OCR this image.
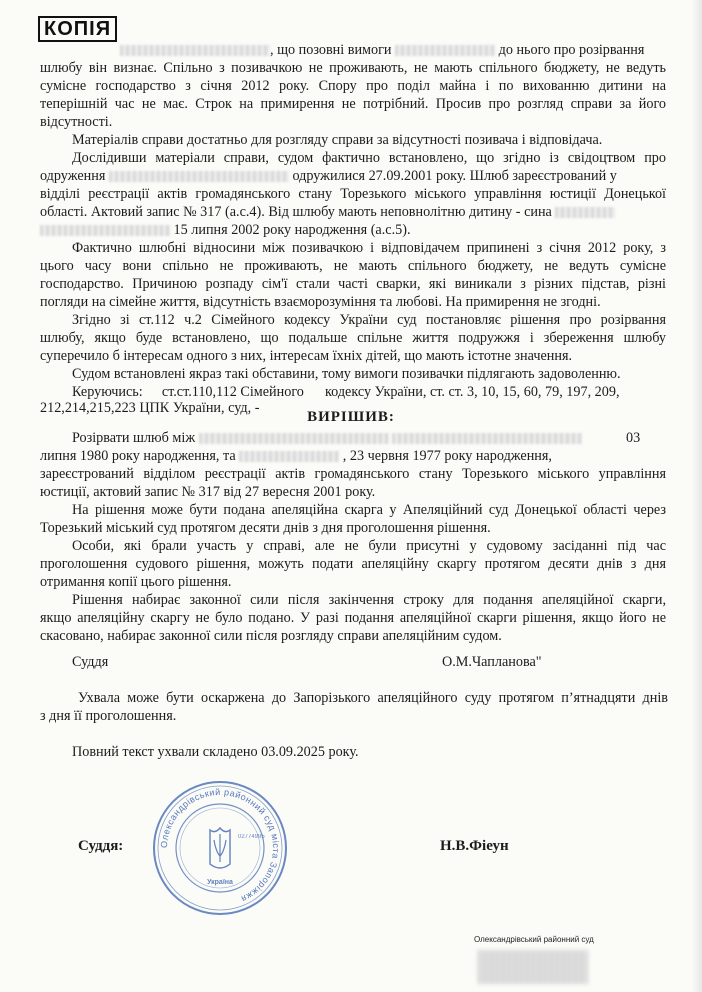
КОПІЯ
, що позовні вимоги	до нього про розірвання
шлюбу він визнає. Спільно з позивачкою не проживають, не мають спільного бюджету, не ведуть
сумісне господарство з січня 2012 року. Спору про поділ майна і по вихованню дитини на
теперішній час не має. Строк на примирення не потрібний. Просив про розгляд справи за його
відсутності.
Матеріалів справи достатньо для розгляду справи за відсутності позивача і відповідача.
Дослідивши матеріали справи, судом фактично встановлено, що згідно із свідоцтвом про
одруження	одружилися 27.09.2001 року. Шлюб зареєстрований у
відділі реєстрації актів громадянського стану Торезького міського управління юстиції Донецької
області. Актовий запис № 317 (а.с.4). Від шлюбу мають неповнолітню дитину - сина
15 липня 2002 року народження (а.с.5).
Фактично шлюбні відносини між позивачкою і відповідачем припинені з січня 2012 року, з
цього часу вони спільно не проживають, не мають спільного бюджету, не ведуть сумісне
господарство. Причиною розпаду сім'ї стали часті сварки, які виникали з різних підстав, різні
погляди на сімейне життя, відсутність взаєморозуміння та любові. На примирення не згодні.
Згідно зі ст.112 ч.2 Сімейного кодексу України суд постановляє рішення про розірвання
шлюбу, якщо буде встановлено, що подальше спільне життя подружжя і збереження шлюбу
суперечило б інтересам одного з них, інтересам їхніх дітей, що мають істотне значення.
Судом встановлені якраз такі обставини, тому вимоги позивачки підлягають задоволенню.
Керуючись: ст.ст.110,112 Сімейного кодексу України, ст. ст. 3, 10, 15, 60, 79, 197, 209,
212,214,215,223 ЦПК України, суд, -
ВИРІШИВ:
Розірвати шлюб між	03
липня 1980 року народження, та	, 23 червня 1977 року народження,
зареєстрований відділом реєстрації актів громадянського стану Торезького міського управління
юстиції, актовий запис № 317 від 27 вересня 2001 року.
На рішення може бути подана апеляційна скарга у Апеляційний суд Донецької області через
Торезький міський суд протягом десяти днів з дня проголошення рішення.
Особи, які брали участь у справі, але не були присутні у судовому засіданні під час
проголошення судового рішення, можуть подати апеляційну скаргу протягом десяти днів з дня
отримання копії цього рішення.
Рішення набирає законної сили після закінчення строку для подання апеляційної скарги,
якщо апеляційну скаргу не було подано. У разі подання апеляційної скарги рішення, якщо його не
скасовано, набирає законної сили після розгляду справи апеляційним судом.
Суддя	О.М.Чапланова"
Ухвала може бути оскаржена до Запорізького апеляційного суду протягом п’ятнадцяти днів
з дня її проголошення.
Повний текст ухвали складено 03.09.2025 року.
Олександрівський районний суд міста Запоріжжя
02774995
Україна
Суддя:	Н.В.Фіеун
Олександрівський районний суд
